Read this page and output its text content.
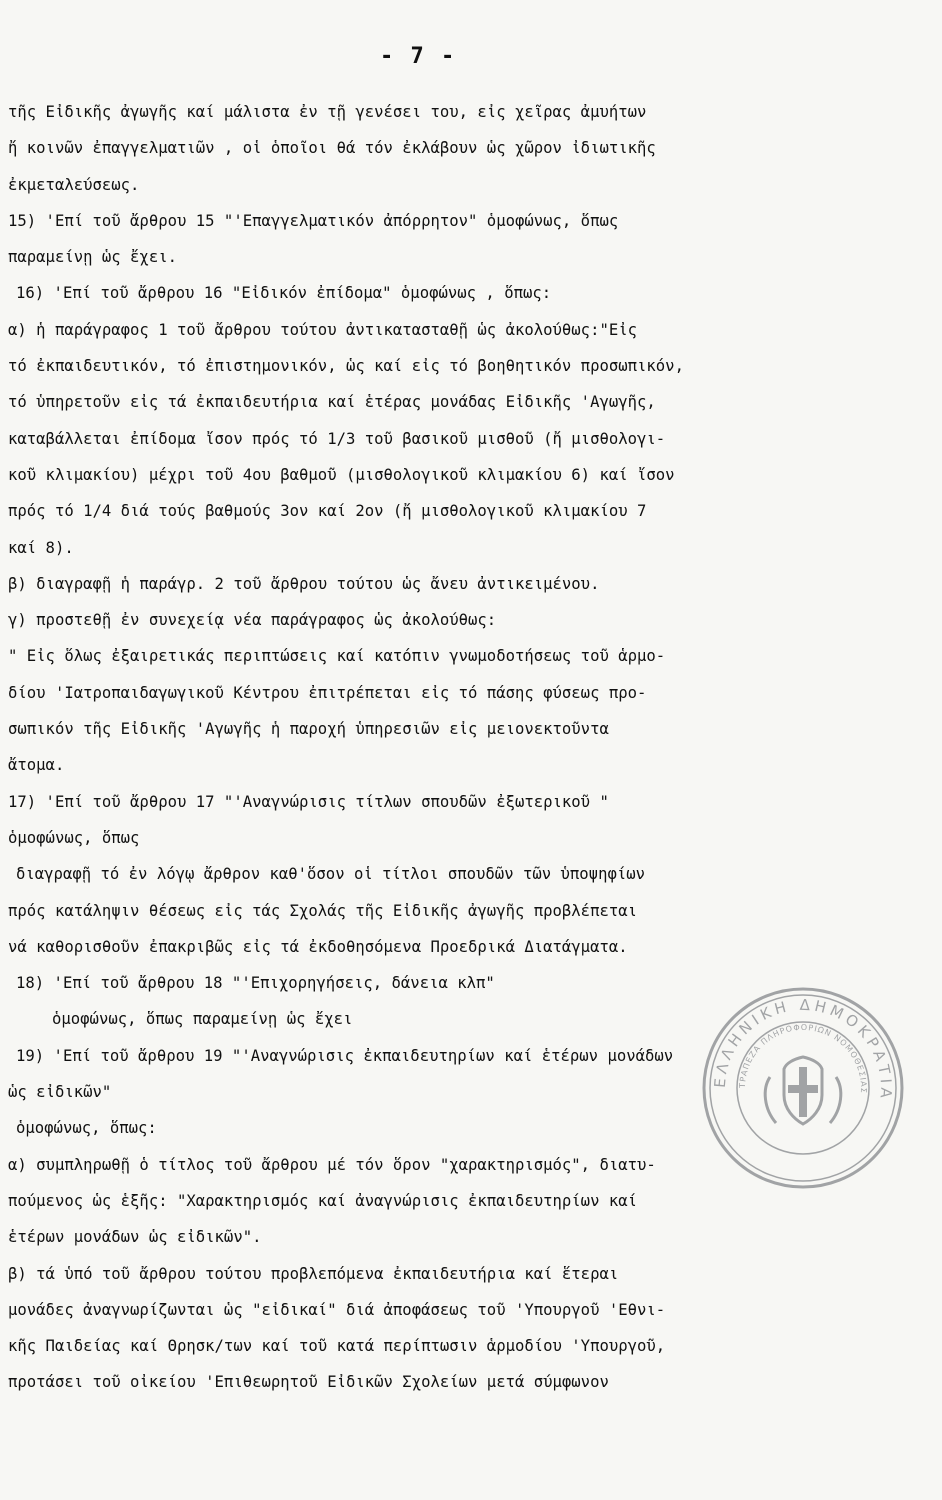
- 7 -
τῆς Εἰδικῆς ἀγωγῆς καί μάλιστα ἐν τῇ γενέσει του, εἰς χεῖρας ἀμυήτων
ἤ κοινῶν ἐπαγγελματιῶν , οἱ ὁποῖοι θά τόν ἐκλάβουν ὡς χῶρον ἰδιωτικῆς
ἐκμεταλεύσεως.
15) 'Επί τοῦ ἄρθρου 15 "'Επαγγελματικόν ἀπόρρητον" ὁμοφώνως, ὅπως
παραμείνῃ ὡς ἔχει.
16) 'Επί τοῦ ἄρθρου 16 "Εἰδικόν ἐπίδομα" ὁμοφώνως , ὅπως:
α) ἡ παράγραφος 1 τοῦ ἄρθρου τούτου ἀντικατασταθῇ ὡς ἀκολούθως:"Εἰς
τό ἐκπαιδευτικόν, τό ἐπιστημονικόν, ὡς καί εἰς τό βοηθητικόν προσωπικόν,
τό ὑπηρετοῦν εἰς τά ἐκπαιδευτήρια καί ἑτέρας μονάδας Εἰδικῆς 'Αγωγῆς,
καταβάλλεται ἐπίδομα ἴσον πρός τό 1/3 τοῦ βασικοῦ μισθοῦ (ἤ μισθολογι-
κοῦ κλιμακίου) μέχρι τοῦ 4ου βαθμοῦ (μισθολογικοῦ κλιμακίου 6) καί ἴσον
πρός τό 1/4 διά τούς βαθμούς 3ον καί 2ον (ἤ μισθολογικοῦ κλιμακίου 7
καί 8).
β) διαγραφῇ ἡ παράγρ. 2 τοῦ ἄρθρου τούτου ὡς ἄνευ ἀντικειμένου.
γ) προστεθῇ ἐν συνεχείᾳ νέα παράγραφος ὡς ἀκολούθως:
" Εἰς ὅλως ἐξαιρετικάς περιπτώσεις καί κατόπιν γνωμοδοτήσεως τοῦ ἁρμο-
δίου 'Ιατροπαιδαγωγικοῦ Κέντρου ἐπιτρέπεται εἰς τό πάσης φύσεως προ-
σωπικόν τῆς Εἰδικῆς 'Αγωγῆς ἡ παροχή ὑπηρεσιῶν εἰς μειονεκτοῦντα
ἄτομα.
17) 'Επί τοῦ ἄρθρου 17 "'Αναγνώρισις τίτλων σπουδῶν ἐξωτερικοῦ "
ὁμοφώνως, ὅπως
διαγραφῇ τό ἐν λόγῳ ἄρθρον καθ'ὅσον οἱ τίτλοι σπουδῶν τῶν ὑποψηφίων
πρός κατάληψιν θέσεως εἰς τάς Σχολάς τῆς Εἰδικῆς ἀγωγῆς προβλέπεται
νά καθορισθοῦν ἐπακριβῶς εἰς τά ἐκδοθησόμενα Προεδρικά Διατάγματα.
18) 'Επί τοῦ ἄρθρου 18 "'Επιχορηγήσεις, δάνεια κλπ"
ὁμοφώνως, ὅπως παραμείνῃ ὡς ἔχει
19) 'Επί τοῦ ἄρθρου 19 "'Αναγνώρισις ἐκπαιδευτηρίων καί ἑτέρων μονάδων
ὡς εἰδικῶν"
ὁμοφώνως, ὅπως:
α) συμπληρωθῇ ὁ τίτλος τοῦ ἄρθρου μέ τόν ὅρον "χαρακτηρισμός", διατυ-
πούμενος ὡς ἑξῆς: "Χαρακτηρισμός καί ἀναγνώρισις ἐκπαιδευτηρίων καί
ἑτέρων μονάδων ὡς εἰδικῶν".
β) τά ὑπό τοῦ ἄρθρου τούτου προβλεπόμενα ἐκπαιδευτήρια καί ἕτεραι
μονάδες ἀναγνωρίζωνται ὡς "εἰδικαί" διά ἀποφάσεως τοῦ 'Υπουργοῦ 'Εθνι-
κῆς Παιδείας καί Θρησκ/των καί τοῦ κατά περίπτωσιν ἁρμοδίου 'Υπουργοῦ,
προτάσει τοῦ οἰκείου 'Επιθεωρητοῦ Εἰδικῶν Σχολείων μετά σύμφωνον
ΕΛΛΗΝΙΚΗ ΔΗΜΟΚΡΑΤΙΑ
ΤΡΑΠΕΖΑ ΠΛΗΡΟΦΟΡΙΩΝ ΝΟΜΟΘΕΣΙΑΣ
